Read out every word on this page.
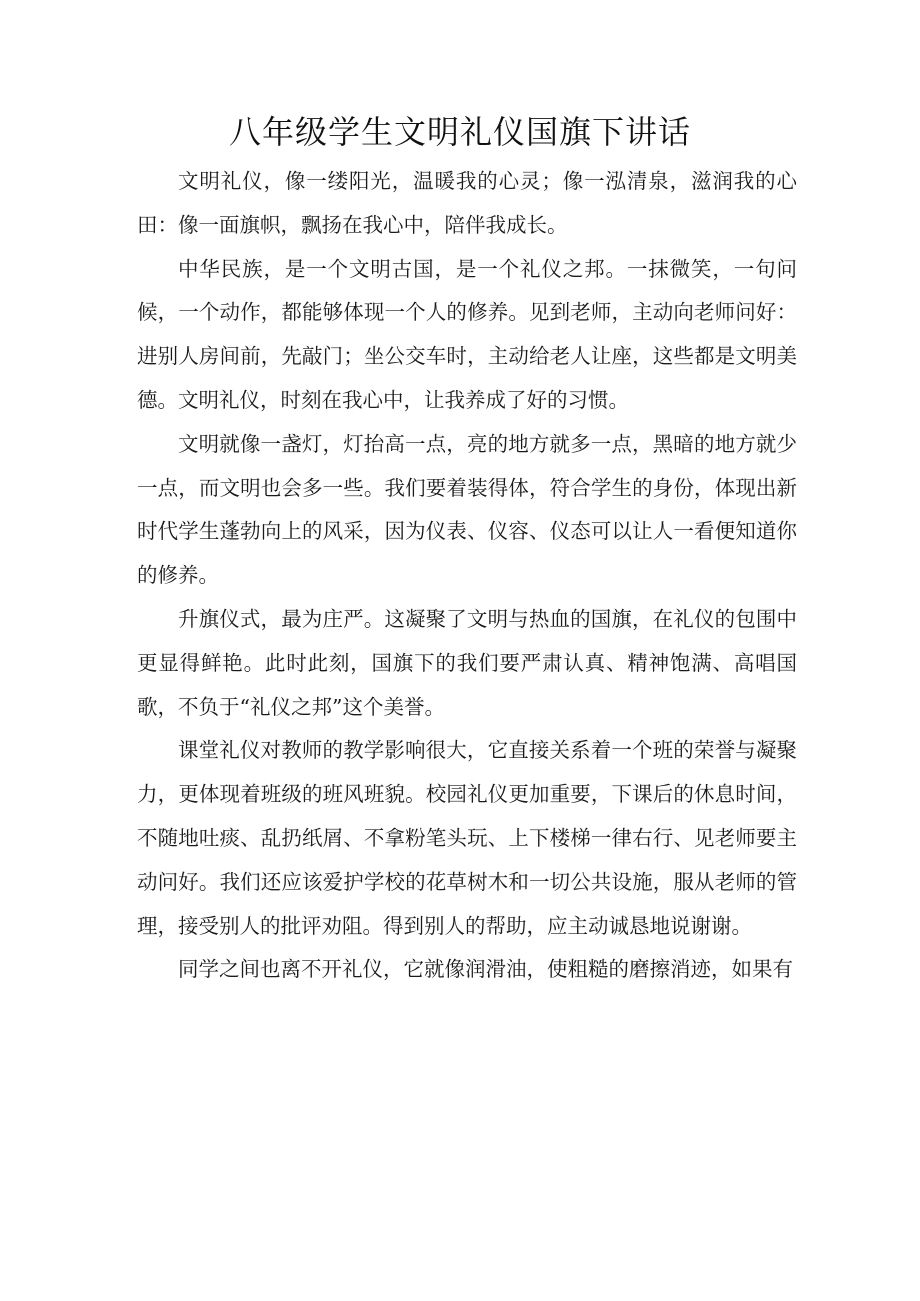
八年级学生文明礼仪国旗下讲话

文明礼仪，像一缕阳光，温暖我的心灵；像一泓清泉，滋润我的心田：像一面旗帜，飘扬在我心中，陪伴我成长。

中华民族，是一个文明古国，是一个礼仪之邦。一抹微笑，一句问候，一个动作，都能够体现一个人的修养。见到老师，主动向老师问好：进别人房间前，先敲门；坐公交车时，主动给老人让座，这些都是文明美德。文明礼仪，时刻在我心中，让我养成了好的习惯。

文明就像一盏灯，灯抬高一点，亮的地方就多一点，黑暗的地方就少一点，而文明也会多一些。我们要着装得体，符合学生的身份，体现出新时代学生蓬勃向上的风采，因为仪表、仪容、仪态可以让人一看便知道你的修养。

升旗仪式，最为庄严。这凝聚了文明与热血的国旗，在礼仪的包围中更显得鲜艳。此时此刻，国旗下的我们要严肃认真、精神饱满、高唱国歌，不负于“礼仪之邦”这个美誉。

课堂礼仪对教师的教学影响很大，它直接关系着一个班的荣誉与凝聚力，更体现着班级的班风班貌。校园礼仪更加重要，下课后的休息时间，不随地吐痰、乱扔纸屑、不拿粉笔头玩、上下楼梯一律右行、见老师要主动问好。我们还应该爱护学校的花草树木和一切公共设施，服从老师的管理，接受别人的批评劝阻。得到别人的帮助，应主动诚恳地说谢谢。

同学之间也离不开礼仪，它就像润滑油，使粗糙的磨擦消迹，如果有
